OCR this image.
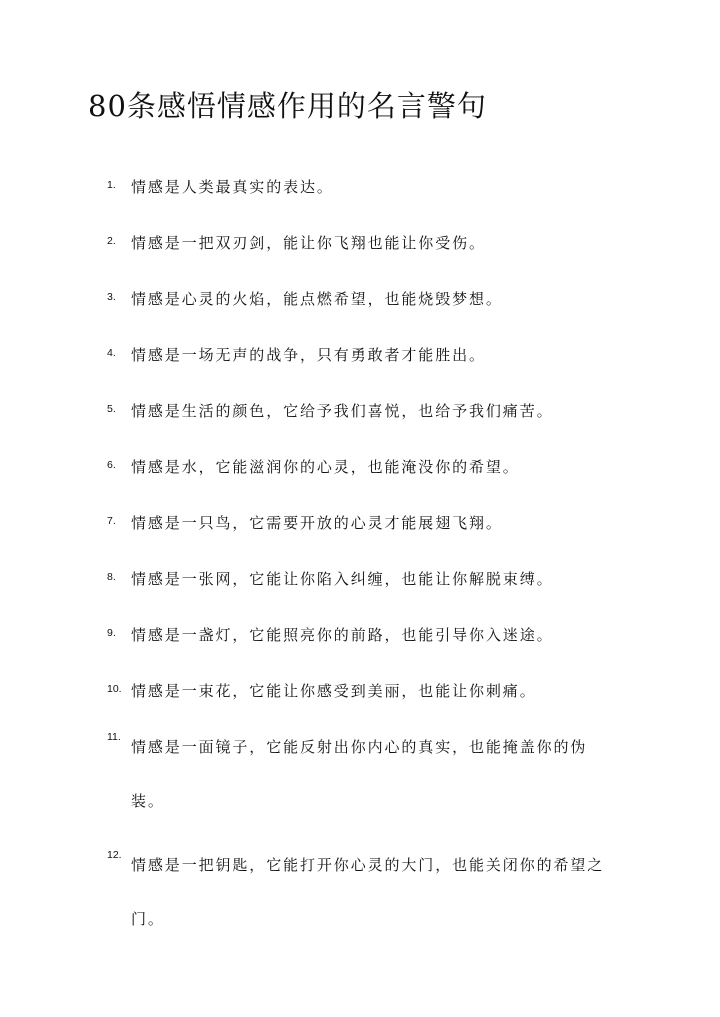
80条感悟情感作用的名言警句
1.	情感是人类最真实的表达。
2.	情感是一把双刃剑，能让你飞翔也能让你受伤。
3.	情感是心灵的火焰，能点燃希望，也能烧毁梦想。
4.	情感是一场无声的战争，只有勇敢者才能胜出。
5.	情感是生活的颜色，它给予我们喜悦，也给予我们痛苦。
6.	情感是水，它能滋润你的心灵，也能淹没你的希望。
7.	情感是一只鸟，它需要开放的心灵才能展翅飞翔。
8.	情感是一张网，它能让你陷入纠缠，也能让你解脱束缚。
9.	情感是一盏灯，它能照亮你的前路，也能引导你入迷途。
10. 情感是一束花，它能让你感受到美丽，也能让你刺痛。
11.
情感是一面镜子，它能反射出你内心的真实，也能掩盖你的伪装。
12.
情感是一把钥匙，它能打开你心灵的大门，也能关闭你的希望之门。
